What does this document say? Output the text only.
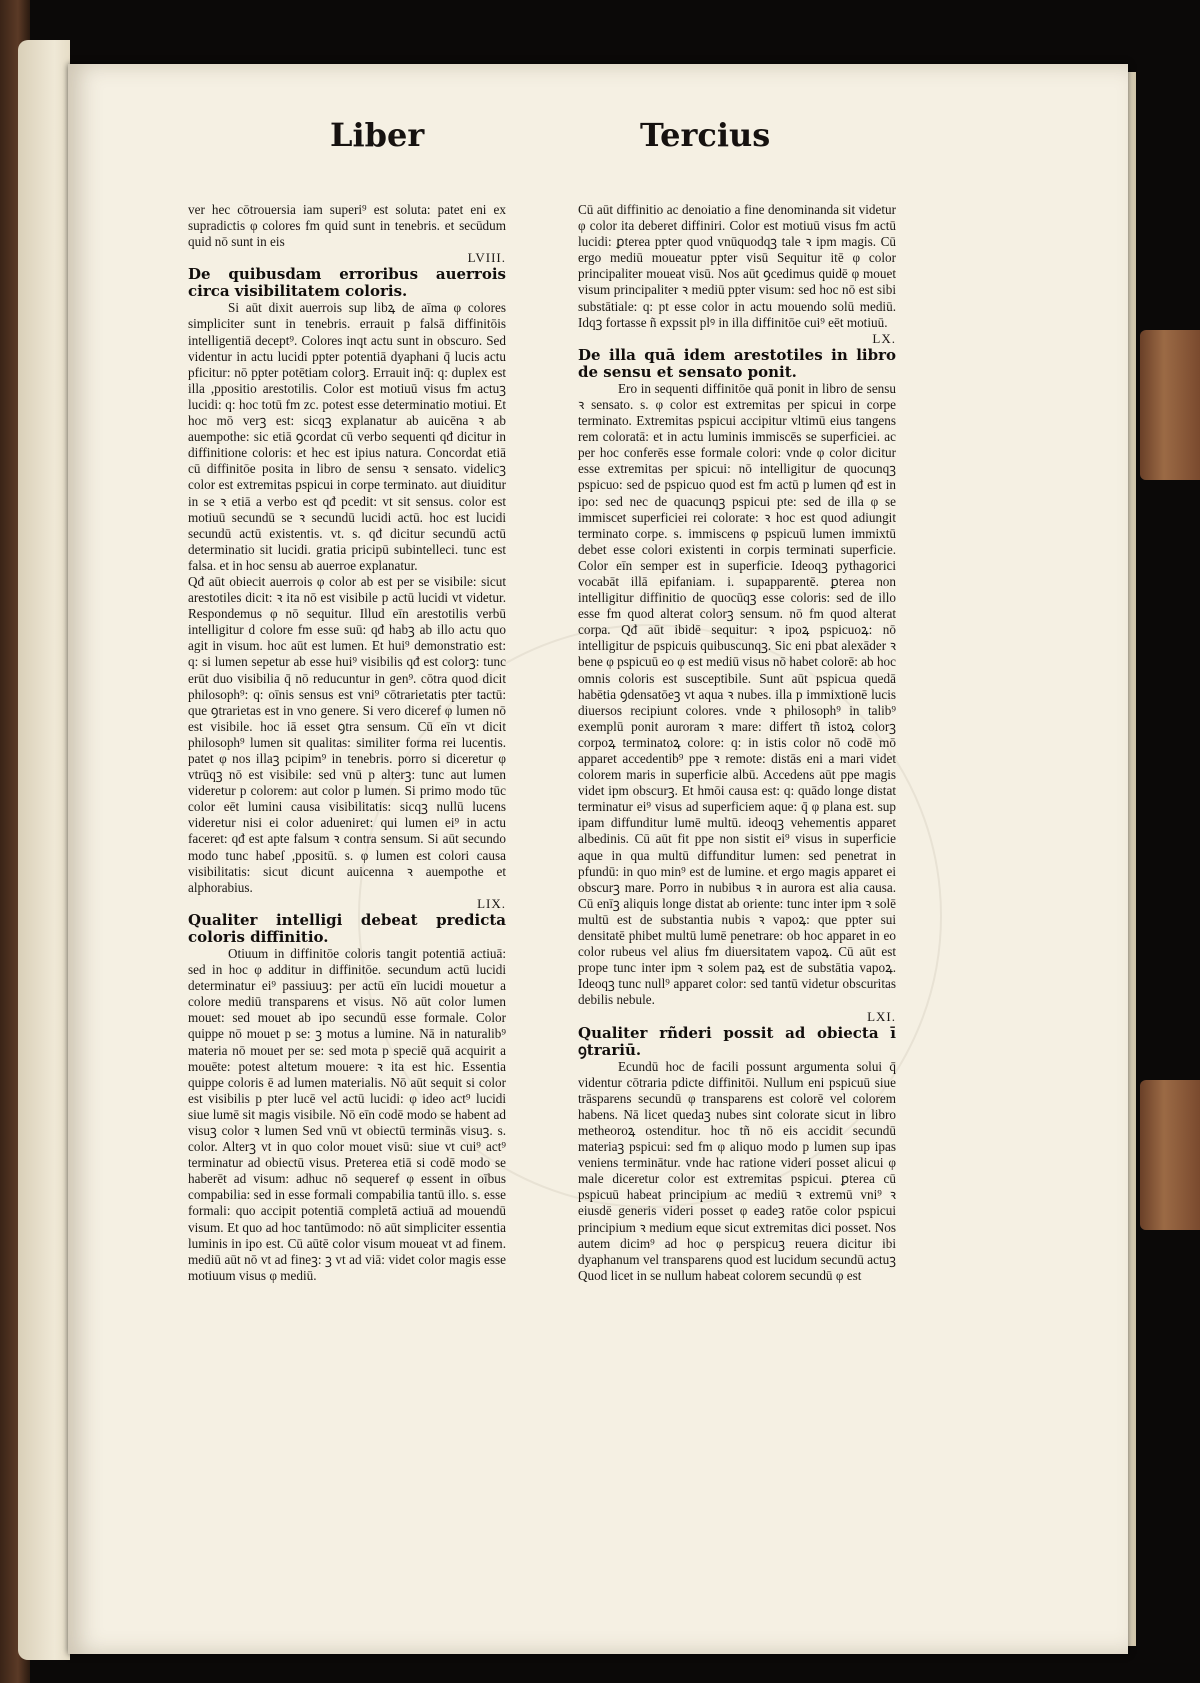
Liber	Tercius

ver hec cōtrouersia iam superi⁹ est soluta: patet eni ex supradictis φ colores fm quid sunt in tenebris. et secūdum quid nō sunt in eis

LVIII.

De quibusdam erroribus auerrois circa visibilitatem coloris.

Si aūt dixit auerrois sup libꝝ de aīma φ colores simpliciter sunt in tenebris. errauit p falsā diffinitōis intelligentiā decept⁹. Colores inqt actu sunt in obscuro. Sed videntur in actu lucidi ppter potentiā dyaphani q̄ lucis actu pficitur: nō ppter potētiam colorꝫ. Errauit inq̄: q: duplex est illa ,ppositio arestotilis. Color est motiuū visus fm actuꝫ lucidi: q: hoc totū fm zc. potest esse determinatio motiui. Et hoc mō verꝫ est: sicqꝫ explanatur ab auicēna ꝛ ab auempothe: sic etiā ꝯcordat cū verbo sequenti qđ dicitur in diffinitione coloris: et hec est ipius natura. Concordat etiā cū diffinitōe posita in libro de sensu ꝛ sensato. videlicꝫ color est extremitas pspicui in corpe terminato. aut diuiditur in se ꝛ etiā a verbo est qđ pcedit: vt sit sensus. color est motiuū secundū se ꝛ secundū lucidi actū. hoc est lucidi secundū actū existentis. vt. s. qđ dicitur secundū actū determinatio sit lucidi. gratia pricipū subintelleci. tunc est falsa. et in hoc sensu ab auerroe explanatur.

Qđ aūt obiecit auerrois φ color ab est per se visibile: sicut arestotiles dicit: ꝛ ita nō est visibile p actū lucidi vt videtur. Respondemus φ nō sequitur. Illud eīn arestotilis verbū intelligitur d colore fm esse suū: qđ habꝫ ab illo actu quo agit in visum. hoc aūt est lumen. Et hui⁹ demonstratio est: q: si lumen sepetur ab esse hui⁹ visibilis qđ est colorꝫ: tunc erūt duo visibilia q̄ nō reducuntur in gen⁹. cōtra quod dicit philosoph⁹: q: oīnis sensus est vni⁹ cōtrarietatis pter tactū: que ꝯtrarietas est in vno genere. Si vero diceref φ lumen nō est visibile. hoc iā esset ꝯtra sensum. Cū eīn vt dicit philosoph⁹ lumen sit qualitas: similiter forma rei lucentis. patet φ nos illaꝫ pcipim⁹ in tenebris. porro si diceretur φ vtrūqꝫ nō est visibile: sed vnū p alterꝫ: tunc aut lumen videretur p colorem: aut color p lumen. Si primo modo tūc color eēt lumini causa visibilitatis: sicqꝫ nullū lucens videretur nisi ei color adueniret: qui lumen ei⁹ in actu faceret: qđ est apte falsum ꝛ contra sensum. Si aūt secundo modo tunc habeſ ,ppositū. s. φ lumen est colori causa visibilitatis: sicut dicunt auicenna ꝛ auempothe et alphorabius.

LIX.

Qualiter intelligi debeat predicta coloris diffinitio.

Otiuum in diffinitōe coloris tangit potentiā actiuā: sed in hoc φ additur in diffinitōe. secundum actū lucidi determinatur ei⁹ passiuuꝫ: per actū eīn lucidi mouetur a colore mediū transparens et visus. Nō aūt color lumen mouet: sed mouet ab ipo secundū esse formale. Color quippe nō mouet p se: ꝫ motus a lumine. Nā in naturalib⁹ materia nō mouet per se: sed mota p speciē quā acquirit a mouēte: potest altetum mouere: ꝛ ita est hic. Essentia quippe coloris ē ad lumen materialis. Nō aūt sequit si color est visibilis p pter lucē vel actū lucidi: φ ideo act⁹ lucidi siue lumē sit magis visibile. Nō eīn codē modo se habent ad visuꝫ color ꝛ lumen Sed vnū vt obiectū terminās visuꝫ. s. color. Alterꝫ vt in quo color mouet visū: siue vt cui⁹ act⁹ terminatur ad obiectū visus. Preterea etiā si codē modo se haberēt ad visum: adhuc nō sequeref φ essent in oībus compabilia: sed in esse formali compabilia tantū illo. s. esse formali: quo accipit potentiā completā actiuā ad mouendū visum. Et quo ad hoc tantūmodo: nō aūt simpliciter essentia luminis in ipo est. Cū aūtē color visum moueat vt ad finem. mediū aūt nō vt ad fineꝫ: ꝫ vt ad viā: videt color magis esse motiuum visus φ mediū.

Cū aūt diffinitio ac denoiatio a fine denominanda sit videtur φ color ita deberet diffiniri. Color est motiuū visus fm actū lucidi: ꝑterea ppter quod vnūquodqꝫ tale ꝛ ipm magis. Cū ergo mediū moueatur ppter visū Sequitur itē φ color principaliter moueat visū. Nos aūt ꝯcedimus quidē φ mouet visum principaliter ꝛ mediū ppter visum: sed hoc nō est sibi substātiale: q: pt esse color in actu mouendo solū mediū. Idqꝫ fortasse ñ expssit plꝰ in illa diffinitōe cui⁹ eēt motiuū.

LX.

De illa quā idem arestotiles in libro de sensu et sensato ponit.

Ero in sequenti diffinitōe quā ponit in libro de sensu ꝛ sensato. s. φ color est extremitas per spicui in corpe terminato. Extremitas pspicui accipitur vltimū eius tangens rem coloratā: et in actu luminis immiscēs se superficiei. ac per hoc conferēs esse formale colori: vnde φ color dicitur esse extremitas per spicui: nō intelligitur de quocunqꝫ pspicuo: sed de pspicuo quod est fm actū p lumen qđ est in ipo: sed nec de quacunqꝫ pspicui pte: sed de illa φ se immiscet superficiei rei colorate: ꝛ hoc est quod adiungit terminato corpe. s. immiscens φ pspicuū lumen immixtū debet esse colori existenti in corpis terminati superficie. Color eīn semper est in superficie. Ideoqꝫ pythagorici vocabāt illā epifaniam. i. supapparentē. ꝑterea non intelligitur diffinitio de quocūqꝫ esse coloris: sed de illo esse fm quod alterat colorꝫ sensum. nō fm quod alterat corpa. Qđ aūt ibidē sequitur: ꝛ ipoꝝ pspicuoꝝ: nō intelligitur de pspicuis quibuscunqꝫ. Sic eni pbat alexāder ꝛ bene φ pspicuū eo φ est mediū visus nō habet colorē: ab hoc omnis coloris est susceptibile. Sunt aūt pspicua quedā habētia ꝯdensatōeꝫ vt aqua ꝛ nubes. illa p immixtionē lucis diuersos recipiunt colores. vnde ꝛ philosoph⁹ in talib⁹ exemplū ponit auroram ꝛ mare: differt tñ istoꝝ colorꝫ corpoꝝ terminatoꝝ colore: q: in istis color nō codē mō apparet accedentib⁹ ppe ꝛ remote: distās eni a mari videt colorem maris in superficie albū. Accedens aūt ppe magis videt ipm obscurꝫ. Et hmōi causa est: q: quādo longe distat terminatur ei⁹ visus ad superficiem aque: q̄ φ plana est. sup ipam diffunditur lumē multū. ideoqꝫ vehementis apparet albedinis. Cū aūt fit ppe non sistit ei⁹ visus in superficie aque in qua multū diffunditur lumen: sed penetrat in pfundū: in quo min⁹ est de lumine. et ergo magis apparet ei obscurꝫ mare. Porro in nubibus ꝛ in aurora est alia causa. Cū enīꝫ aliquis longe distat ab oriente: tunc inter ipm ꝛ solē multū est de substantia nubis ꝛ vapoꝝ: que ppter sui densitatē phibet multū lumē penetrare: ob hoc apparet in eo color rubeus vel alius fm diuersitatem vapoꝝ. Cū aūt est prope tunc inter ipm ꝛ solem paꝝ est de substātia vapoꝝ. Ideoqꝫ tunc null⁹ apparet color: sed tantū videtur obscuritas debilis nebule.

LXI.

Qualiter rñderi possit ad obiecta ī ꝯtrariū.

Ecundū hoc de facili possunt argumenta solui q̄ videntur cōtraria pdicte diffinitōi. Nullum eni pspicuū siue trāsparens secundū φ transparens est colorē vel colorem habens. Nā licet quedaꝫ nubes sint colorate sicut in libro metheoroꝝ ostenditur. hoc tñ nō eis accidit secundū materiaꝫ pspicui: sed fm φ aliquo modo p lumen sup ipas veniens terminātur. vnde hac ratione videri posset alicui φ male diceretur color est extremitas pspicui. ꝑterea cū pspicuū habeat principium ac mediū ꝛ extremū vni⁹ ꝛ eiusdē generis videri posset φ eadeꝫ ratōe color pspicui principium ꝛ medium eque sicut extremitas dici posset. Nos autem dicim⁹ ad hoc φ perspicuꝫ reuera dicitur ibi dyaphanum vel transparens quod est lucidum secundū actuꝫ Quod licet in se nullum habeat colorem secundū φ est
